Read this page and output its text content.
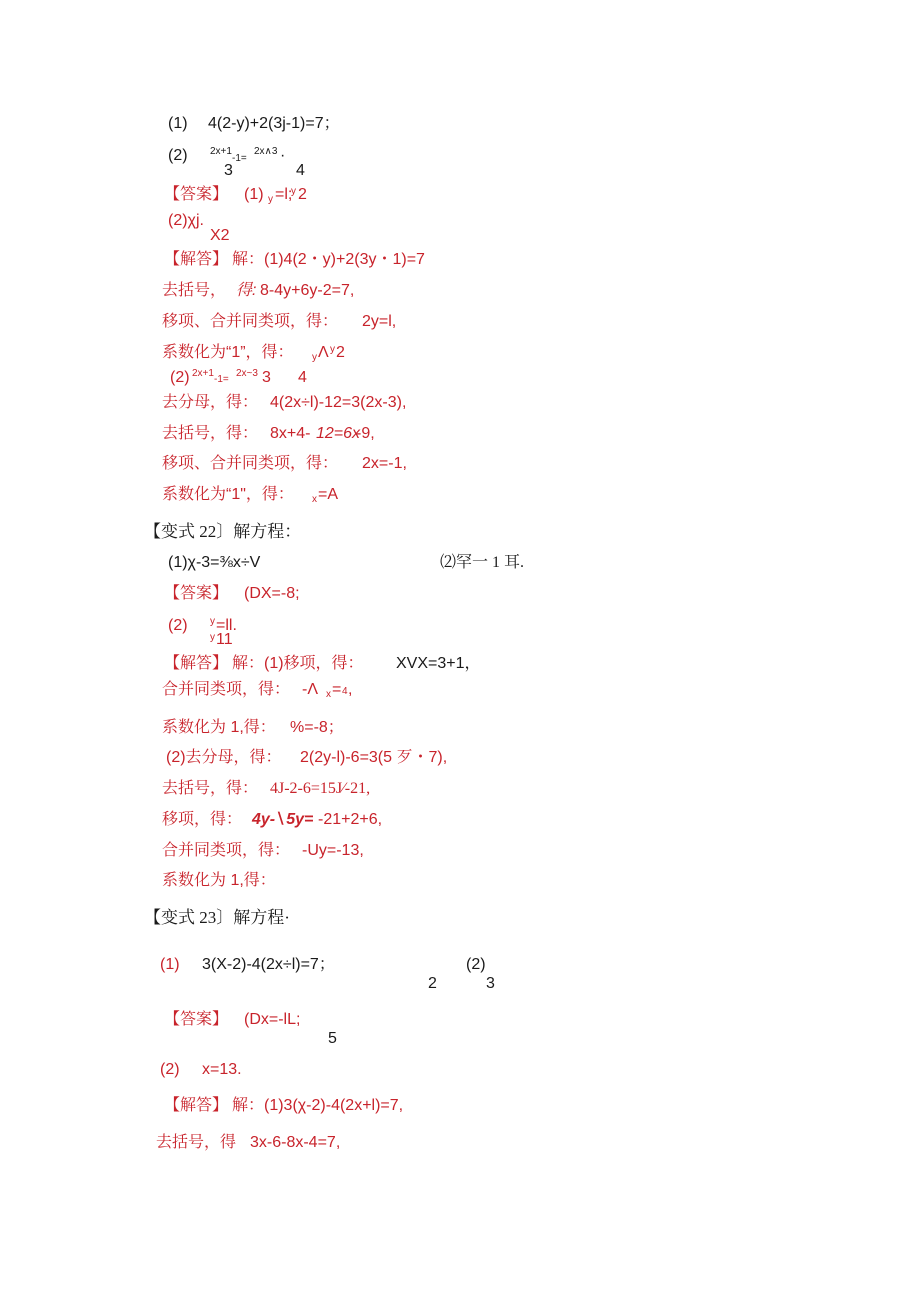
(1) 4(2-y)+2(3j-1)=7；
(2) 2x+1
-1=
2x∧3 ·
3	4
【答案】 (1) y =l;
y 2
(2)χj.
X2
【解答】 解：(1)4(2・y)+2(3y・1)=7
去括号， 得: 8-4y+6y-2=7,
移项、合并同类项，得： 2y=l,
系数化为“1”，得： y Λ y 2
(2) 2x+1
-1=
2x~3 3 4
去分母，得： 4(2x÷l)-12=3(2x-3),
去括号，得： 8x+4- 12=6x
-9,
移项、合并同类项，得： 2x=-1,
系数化为“1"，得： x =A
【变式 22〕解方程：
(1)χ-3=⅜x÷V	⑵罕一 1 耳.
【答案】 (DX=-8;
(2) y =ll.
y 11
【解答】 解：(1)移项，得： XVX=3+1，
合并同类项，得： -Λ x = 4 ,
系数化为 1,得： %=-8；
(2)去分母，得： 2(2y-l)-6=3(5 歹・7),
去括号，得： 4J-2-6=15J∕-21,
移项，得： 4y-∖5y= -21+2+6,
合并同类项，得： -Uy=-13,
系数化为 1,得：
【变式 23〕解方程·
(1) 3(X-2)-4(2x÷l)=7；	(2)
2	3
【答案】 (Dx=-lL;
5
(2) x=13.
【解答】 解：(1)3(χ-2)-4(2x+l)=7,
去括号，得 3x-6-8x-4=7,
